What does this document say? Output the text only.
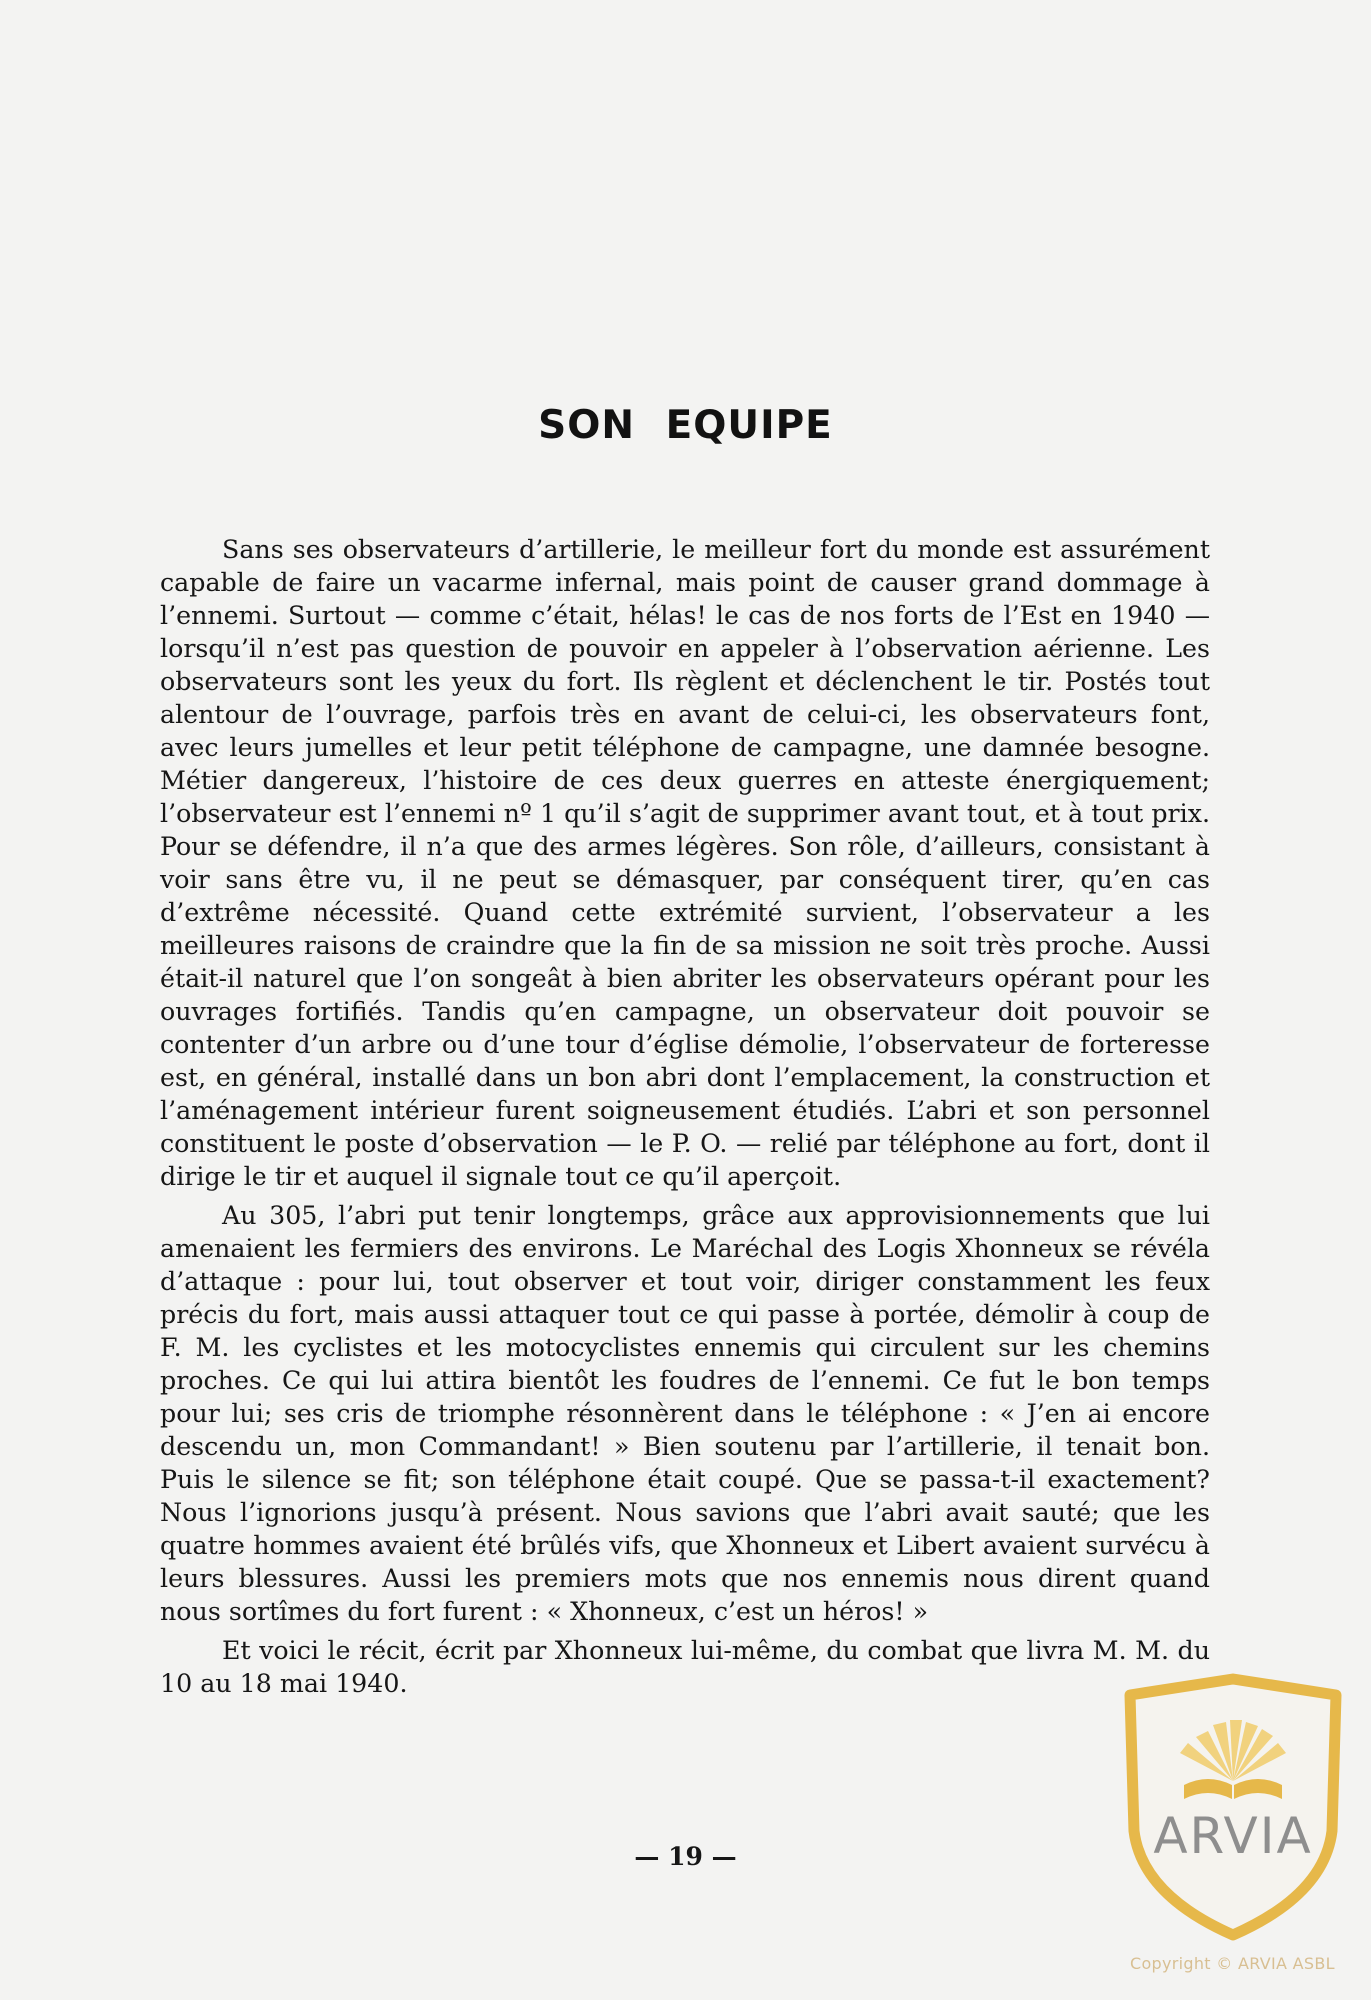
SON EQUIPE

Sans ses observateurs d’artillerie, le meilleur fort du monde est assurément capable de faire un vacarme infernal, mais point de causer grand dommage à l’ennemi. Surtout — comme c’était, hélas! le cas de nos forts de l’Est en 1940 — lorsqu’il n’est pas question de pouvoir en appeler à l’observation aérienne. Les observateurs sont les yeux du fort. Ils règlent et déclenchent le tir. Postés tout alentour de l’ouvrage, parfois très en avant de celui-ci, les observateurs font, avec leurs jumelles et leur petit téléphone de campagne, une damnée besogne. Métier dangereux, l’histoire de ces deux guerres en atteste énergiquement; l’observateur est l’ennemi nº 1 qu’il s’agit de supprimer avant tout, et à tout prix. Pour se défendre, il n’a que des armes légères. Son rôle, d’ailleurs, consistant à voir sans être vu, il ne peut se démasquer, par conséquent tirer, qu’en cas d’extrême nécessité. Quand cette extrémité survient, l’observateur a les meilleures raisons de craindre que la fin de sa mission ne soit très proche. Aussi était-il naturel que l’on songeât à bien abriter les observateurs opérant pour les ouvrages fortifiés. Tandis qu’en campagne, un observateur doit pouvoir se contenter d’un arbre ou d’une tour d’église démolie, l’observateur de forteresse est, en général, installé dans un bon abri dont l’emplacement, la construction et l’aménagement intérieur furent soigneusement étudiés. L’abri et son personnel constituent le poste d’observation — le P. O. — relié par téléphone au fort, dont il dirige le tir et auquel il signale tout ce qu’il aperçoit.

Au 305, l’abri put tenir longtemps, grâce aux approvisionnements que lui amenaient les fermiers des environs. Le Maréchal des Logis Xhonneux se révéla d’attaque : pour lui, tout observer et tout voir, diriger constamment les feux précis du fort, mais aussi attaquer tout ce qui passe à portée, démolir à coup de F. M. les cyclistes et les motocyclistes ennemis qui circulent sur les chemins proches. Ce qui lui attira bientôt les foudres de l’ennemi. Ce fut le bon temps pour lui; ses cris de triomphe résonnèrent dans le téléphone : « J’en ai encore descendu un, mon Commandant! » Bien soutenu par l’artillerie, il tenait bon. Puis le silence se fit; son téléphone était coupé. Que se passa-t-il exactement? Nous l’ignorions jusqu’à présent. Nous savions que l’abri avait sauté; que les quatre hommes avaient été brûlés vifs, que Xhonneux et Libert avaient survécu à leurs blessures. Aussi les premiers mots que nos ennemis nous dirent quand nous sortîmes du fort furent : « Xhonneux, c’est un héros! »

Et voici le récit, écrit par Xhonneux lui-même, du combat que livra M. M. du 10 au 18 mai 1940.

— 19 —	ARVIA
Copyright © ARVIA ASBL
